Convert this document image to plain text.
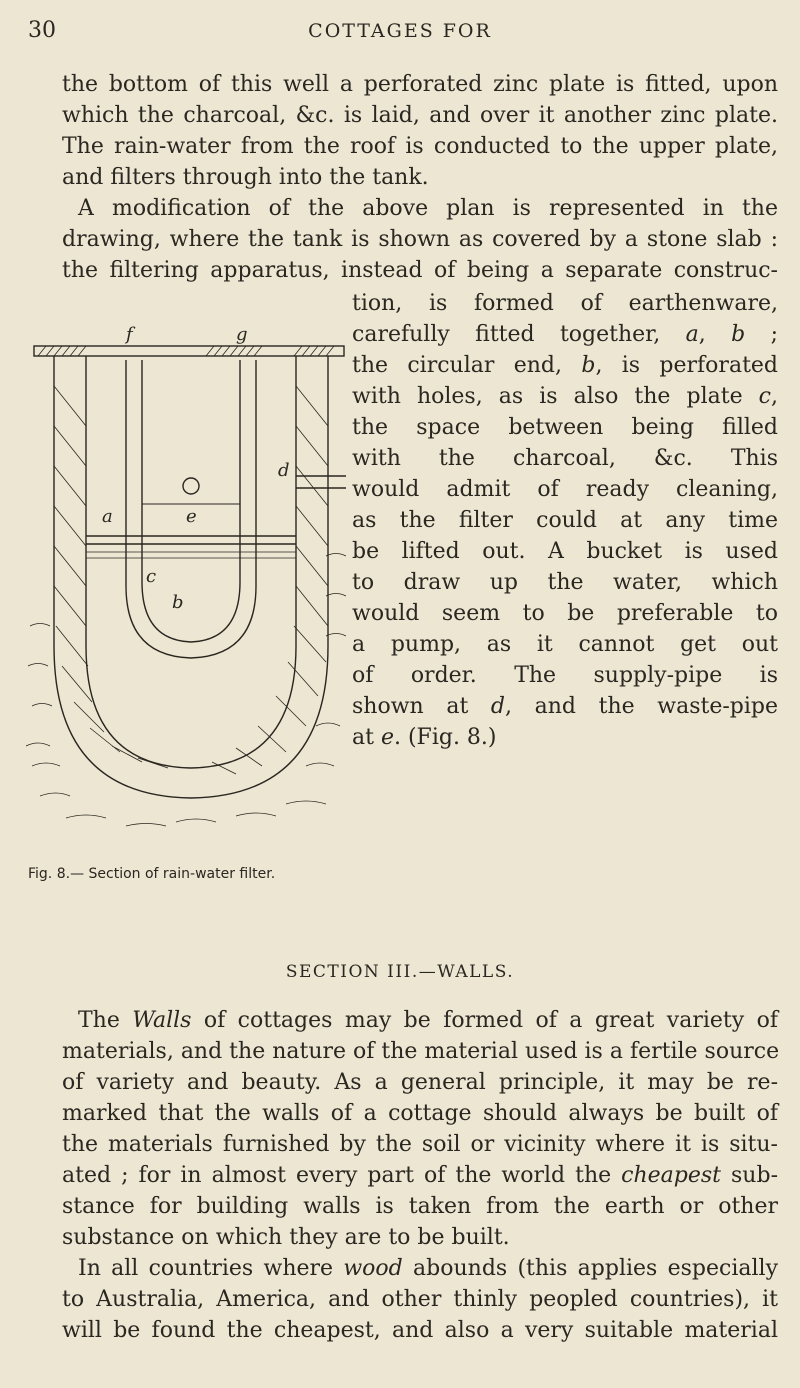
30	COTTAGES FOR
the bottom of this well a perforated zinc plate is fitted, upon
which the charcoal, &c. is laid, and over it another zinc plate.
The rain-water from the roof is conducted to the upper plate,
and filters through into the tank.
A modification of the above plan is represented in the
drawing, where the tank is shown as covered by a stone slab :
the filtering apparatus, instead of being a separate construc-
tion, is formed of earthenware,
carefully fitted together, a, b ;
the circular end, b, is perforated
with holes, as is also the plate c,
the space between being filled
with the charcoal, &c. This
would admit of ready cleaning,
as the filter could at any time
be lifted out. A bucket is used
to draw up the water, which
would seem to be preferable to
a pump, as it cannot get out
of order. The supply-pipe is
shown at d, and the waste-pipe
at e. (Fig. 8.)
f	g
a
b
c
d
e
Fig. 8.— Section of rain-water filter.
SECTION III.—WALLS.
The Walls of cottages may be formed of a great variety of
materials, and the nature of the material used is a fertile source
of variety and beauty. As a general principle, it may be re-
marked that the walls of a cottage should always be built of
the materials furnished by the soil or vicinity where it is situ-
ated ; for in almost every part of the world the cheapest sub-
stance for building walls is taken from the earth or other
substance on which they are to be built.
In all countries where wood abounds (this applies especially
to Australia, America, and other thinly peopled countries), it
will be found the cheapest, and also a very suitable material
